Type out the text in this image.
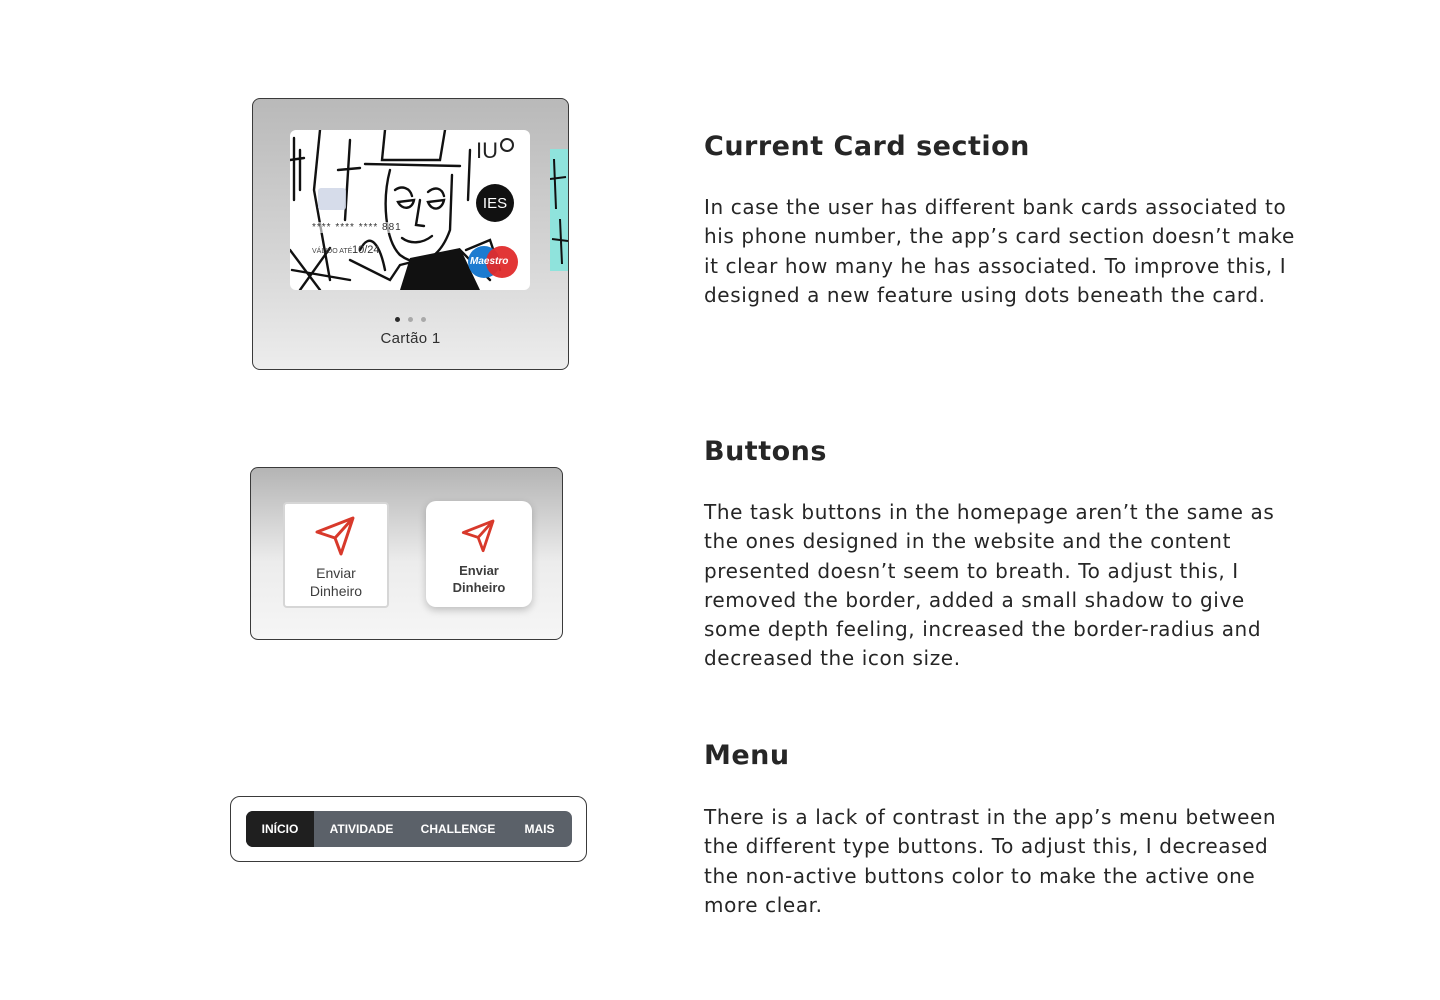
IU
IES
**** **** **** 881
VÁLIDO ATÉ 10/24
Maestro

Cartão 1
Current Card section

In case the user has different bank cards associated to his phone number, the app’s card section doesn’t make it clear how many he has associated. To improve this, I designed a new feature using dots beneath the card.

Enviar
Dinheiro
Enviar
Dinheiro
Buttons

The task buttons in the homepage aren’t the same as the ones designed in the website and the content presented doesn’t seem to breath. To adjust this, I removed the border, added a small shadow to give some depth feeling, increased the border-radius and decreased the icon size.

INÍCIO	ATIVIDADE	CHALLENGE	MAIS
Menu

There is a lack of contrast in the app’s menu between the different type buttons. To adjust this, I decreased the non-active buttons color to make the active one more clear.
